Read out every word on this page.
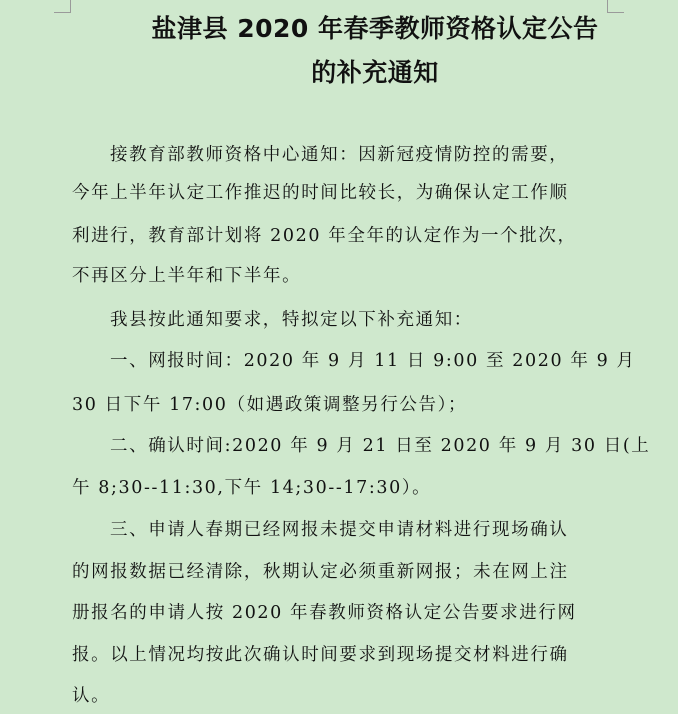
盐津县 2020 年春季教师资格认定公告
的补充通知
接教育部教师资格中心通知：因新冠疫情防控的需要，
今年上半年认定工作推迟的时间比较长，为确保认定工作顺
利进行，教育部计划将 2020 年全年的认定作为一个批次，
不再区分上半年和下半年。
我县按此通知要求，特拟定以下补充通知：
一、网报时间：2020 年 9 月 11 日 9:00 至 2020 年 9 月
30 日下午 17:00（如遇政策调整另行公告）；
二、确认时间:2020 年 9 月 21 日至 2020 年 9 月 30 日(上
午 8;30--11:30,下午 14;30--17:30）。
三、申请人春期已经网报未提交申请材料进行现场确认
的网报数据已经清除，秋期认定必须重新网报；未在网上注
册报名的申请人按 2020 年春教师资格认定公告要求进行网
报。以上情况均按此次确认时间要求到现场提交材料进行确
认。
